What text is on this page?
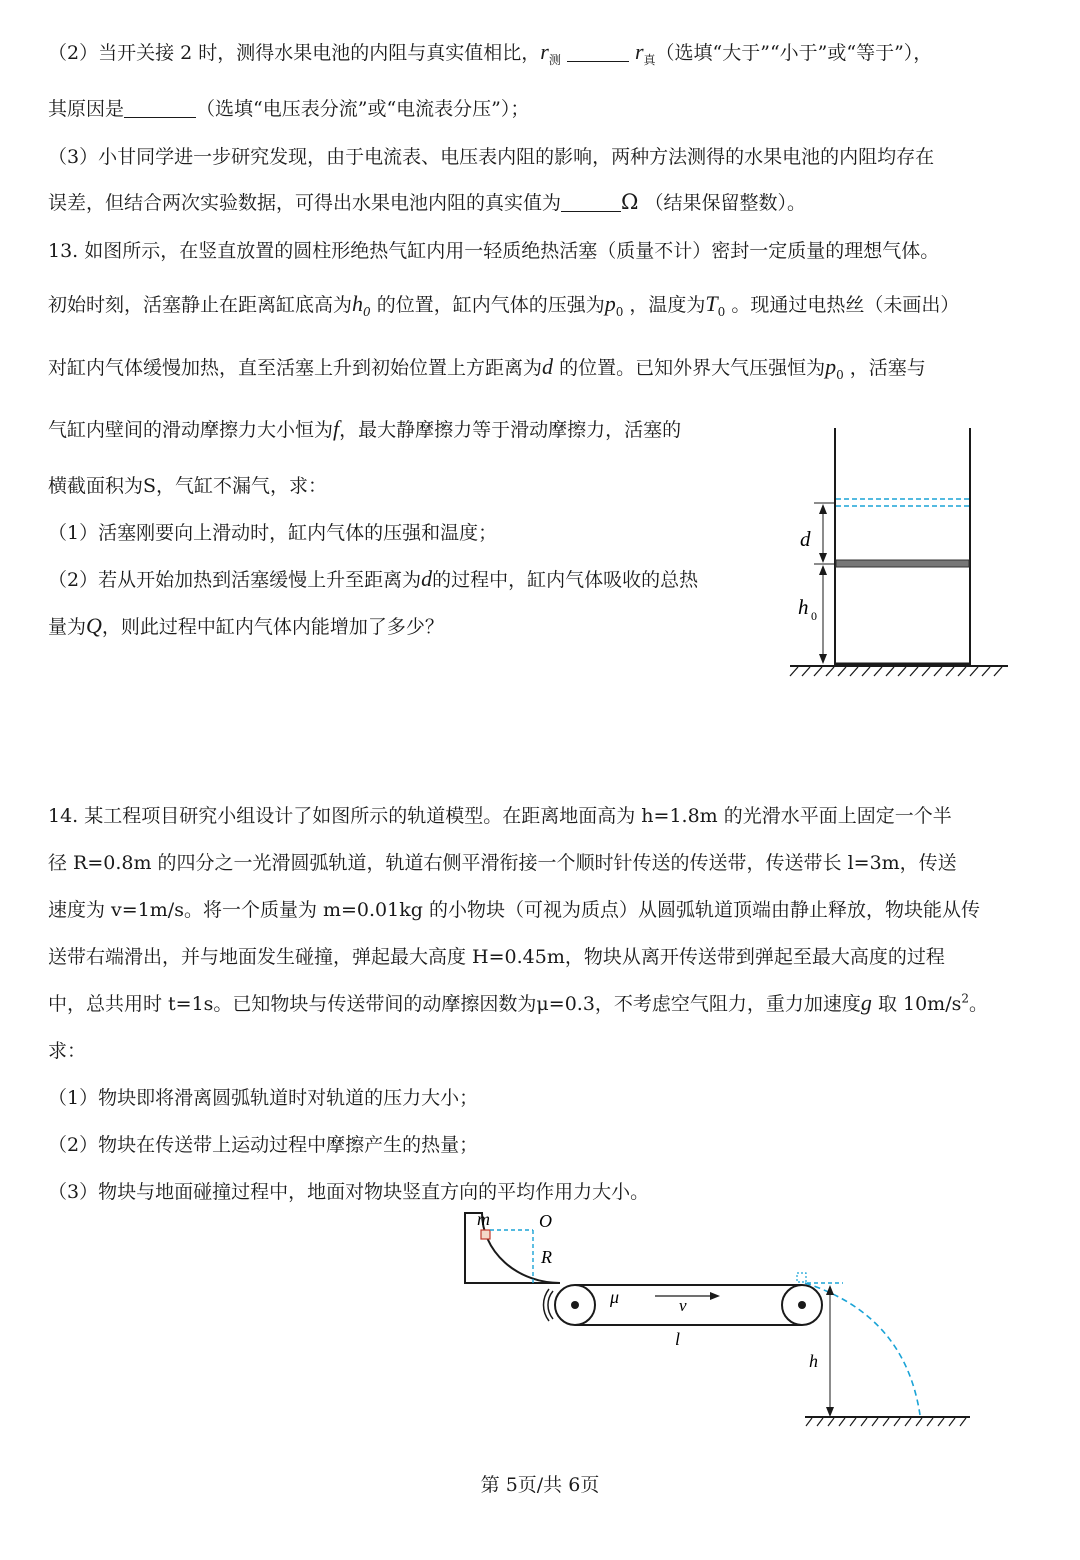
（2）当开关接 2 时，测得水果电池的内阻与真实值相比，$r_测$	$r_真$（选填“大于”“小于”或“等于”），
其原因是	（选填“电压表分流”或“电流表分压”）；
（3）小甘同学进一步研究发现，由于电流表、电压表内阻的影响，两种方法测得的水果电池的内阻均存在
误差，但结合两次实验数据，可得出水果电池内阻的真实值为	Ω （结果保留整数）。
13. 如图所示，在竖直放置的圆柱形绝热气缸内用一轻质绝热活塞（质量不计）密封一定质量的理想气体。
初始时刻，活塞静止在距离缸底高为$h_0$ 的位置，缸内气体的压强为$p_0$ ，温度为$T_0$ 。现通过电热丝（未画出）
对缸内气体缓慢加热，直至活塞上升到初始位置上方距离为d 的位置。已知外界大气压强恒为$p_0$ ，活塞与
气缸内壁间的滑动摩擦力大小恒为f，最大静摩擦力等于滑动摩擦力，活塞的
横截面积为S，气缸不漏气，求：
（1）活塞刚要向上滑动时，缸内气体的压强和温度；
（2）若从开始加热到活塞缓慢上升至距离为d的过程中，缸内气体吸收的总热
量为Q，则此过程中缸内气体内能增加了多少？
d
h 0
14. 某工程项目研究小组设计了如图所示的轨道模型。在距离地面高为 h=1.8m 的光滑水平面上固定一个半
径 R=0.8m 的四分之一光滑圆弧轨道，轨道右侧平滑衔接一个顺时针传送的传送带，传送带长 l=3m，传送
速度为 v=1m/s。将一个质量为 m=0.01kg 的小物块（可视为质点）从圆弧轨道顶端由静止释放，物块能从传
送带右端滑出，并与地面发生碰撞，弹起最大高度 H=0.45m，物块从离开传送带到弹起至最大高度的过程
中，总共用时 t=1s。已知物块与传送带间的动摩擦因数为μ=0.3，不考虑空气阻力，重力加速度g 取 $10m/s^2$。
求：
（1）物块即将滑离圆弧轨道时对轨道的压力大小；
（2）物块在传送带上运动过程中摩擦产生的热量；
（3）物块与地面碰撞过程中，地面对物块竖直方向的平均作用力大小。
m	O
R
μ	v
l
h
第 5页/共 6页
